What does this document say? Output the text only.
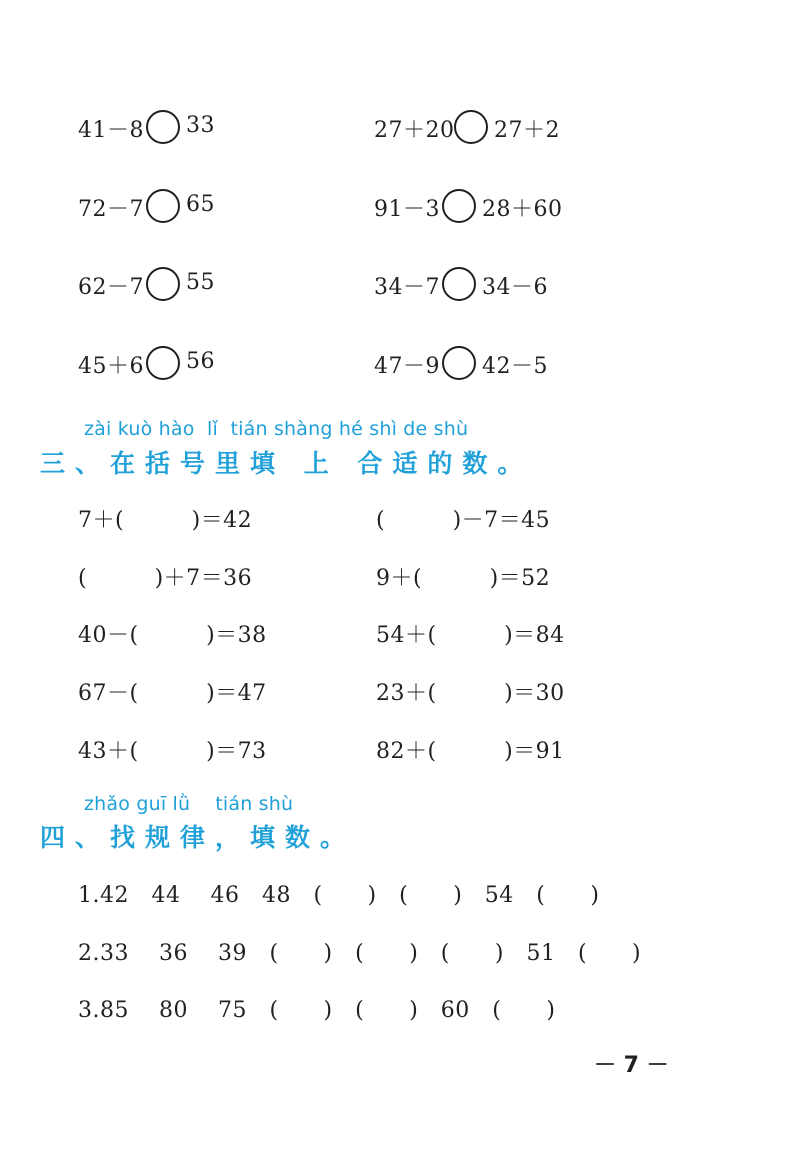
41－8 33	27＋20 27＋2
72－7 65	91－3 28＋60
62－7 55	34－7 34－6
45＋6 56	47－9 42－5
zài kuò hào  lǐ  tián shàng hé shì de shù
三、在括号里填 上 合适的数。
7＋(　　　)＝42	(　　　)－7＝45
(　　　)＋7＝36	9＋(　　　)＝52
40－(　　　)＝38	54＋(　　　)＝84
67－(　　　)＝47	23＋(　　　)＝30
43＋(　　　)＝73	82＋(　　　)＝91
zhǎo guī lǜ    tián shù
四、找规律，填数。
1.42　44　 46　48　(　　)　(　　)　54　(　　)
2.33　 36　 39　(　　)　(　　)　(　　)　51　(　　)
3.85　 80　 75　(　　)　(　　)　60　(　　)
－ 7 －
